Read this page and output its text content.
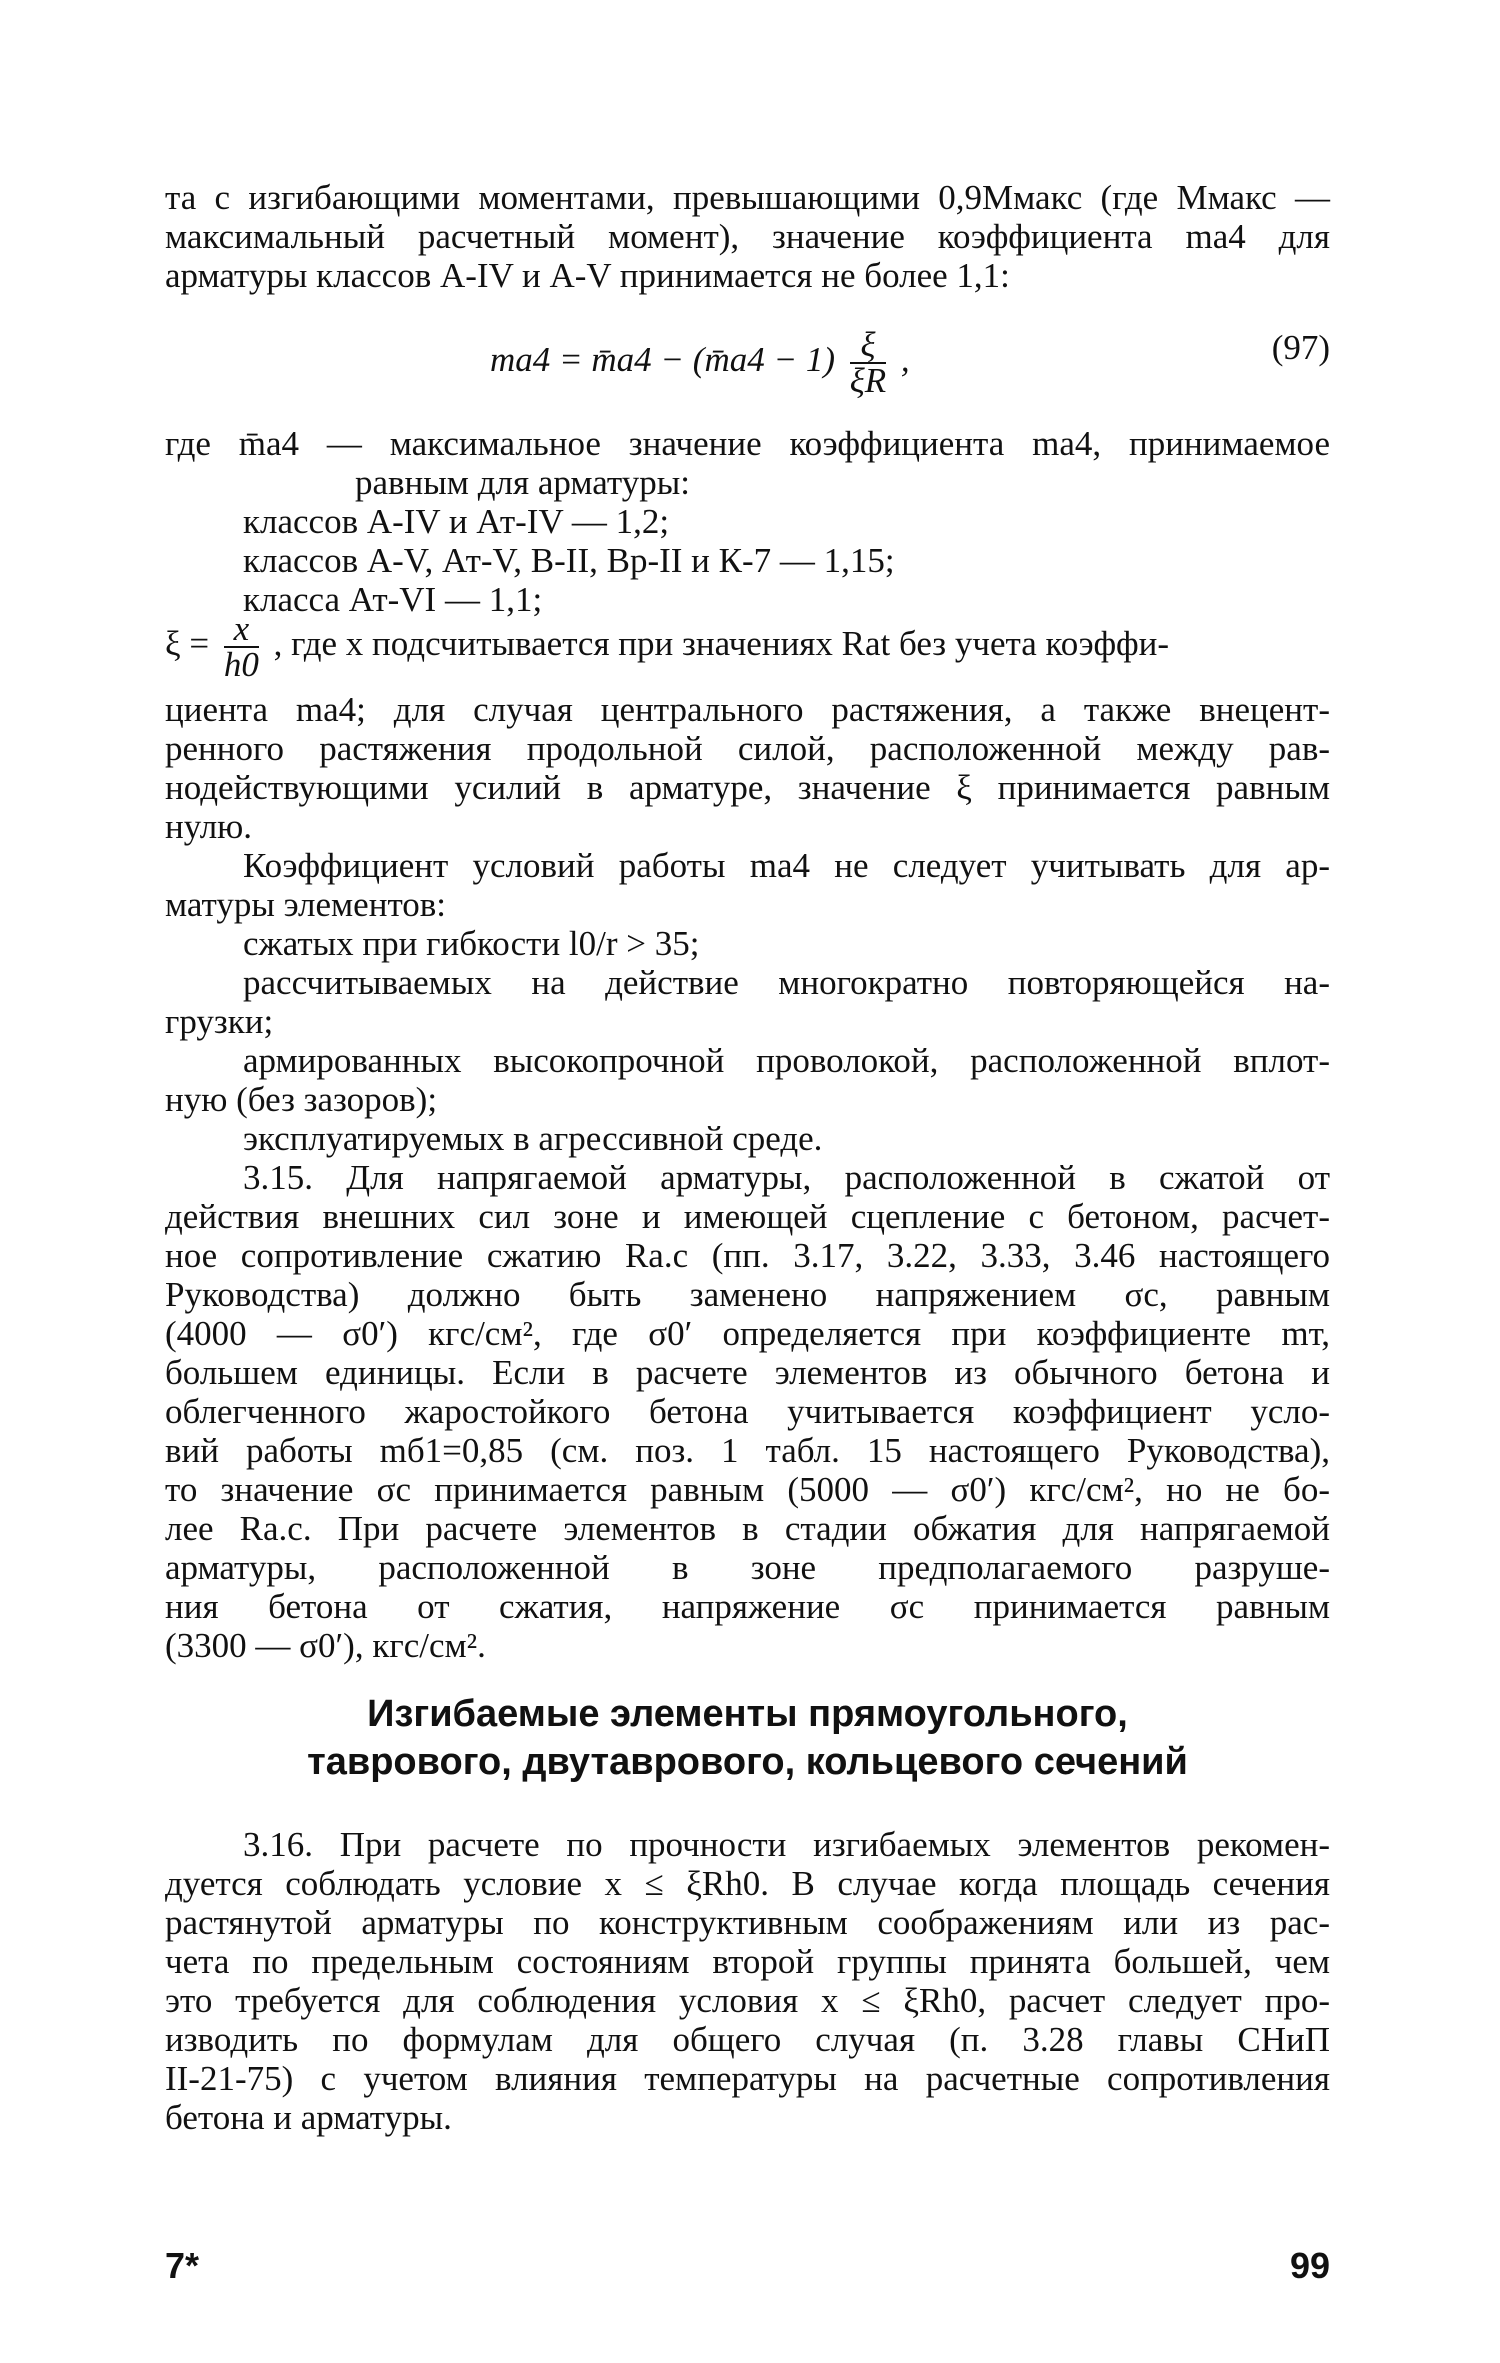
та с изгибающими моментами, превышающими 0,9Mмакс (где Mмакс —

максимальный расчетный момент), значение коэффициента mа4 для

арматуры классов А-IV и А-V принимается не более 1,1:

mа4 = m̄а4 − (m̄а4 − $1) \frac{\xi}{\xi R}$ ,	(97)

где m̄а4 — максимальное значение коэффициента mа4, принимаемое

равным для арматуры:

классов А-IV и Ат-IV — 1,2;

классов А-V, Ат-V, В-II, Вр-II и К-7 — 1,15;

класса Ат-VI — 1,1;

$\xi = \frac{x}{h0}$ , где x подсчитывается при значениях Rat без учета коэффи-

циента mа4; для случая центрального растяжения, а также внецент-

ренного растяжения продольной силой, расположенной между рав-

нодействующими усилий в арматуре, значение ξ принимается равным

нулю.

Коэффициент условий работы mа4 не следует учитывать для ар-

матуры элементов:

сжатых при гибкости l0/r > 35;

рассчитываемых на действие многократно повторяющейся на-

грузки;

армированных высокопрочной проволокой, расположенной вплот-

ную (без зазоров);

эксплуатируемых в агрессивной среде.

3.15. Для напрягаемой арматуры, расположенной в сжатой от

действия внешних сил зоне и имеющей сцепление с бетоном, расчет-

ное сопротивление сжатию Rа.с (пп. 3.17, 3.22, 3.33, 3.46 настоящего

Руководства) должно быть заменено напряжением σс, равным

(4000 — σ0′) кгс/см², где σ0′ определяется при коэффициенте mт,

большем единицы. Если в расчете элементов из обычного бетона и

облегченного жаростойкого бетона учитывается коэффициент усло-

вий работы mб1=0,85 (см. поз. 1 табл. 15 настоящего Руководства),

то значение σс принимается равным (5000 — σ0′) кгс/см², но не бо-

лее Rа.с. При расчете элементов в стадии обжатия для напрягаемой

арматуры, расположенной в зоне предполагаемого разруше-

ния бетона от сжатия, напряжение σс принимается равным

(3300 — σ0′), кгс/см².

Изгибаемые элементы прямоугольного,
таврового, двутаврового, кольцевого сечений

3.16. При расчете по прочности изгибаемых элементов рекомен-

дуется соблюдать условие x ≤ ξRh0. В случае когда площадь сечения

растянутой арматуры по конструктивным соображениям или из рас-

чета по предельным состояниям второй группы принята большей, чем

это требуется для соблюдения условия x ≤ ξRh0, расчет следует про-

изводить по формулам для общего случая (п. 3.28 главы СНиП

II-21-75) с учетом влияния температуры на расчетные сопротивления

бетона и арматуры.

7*	99
